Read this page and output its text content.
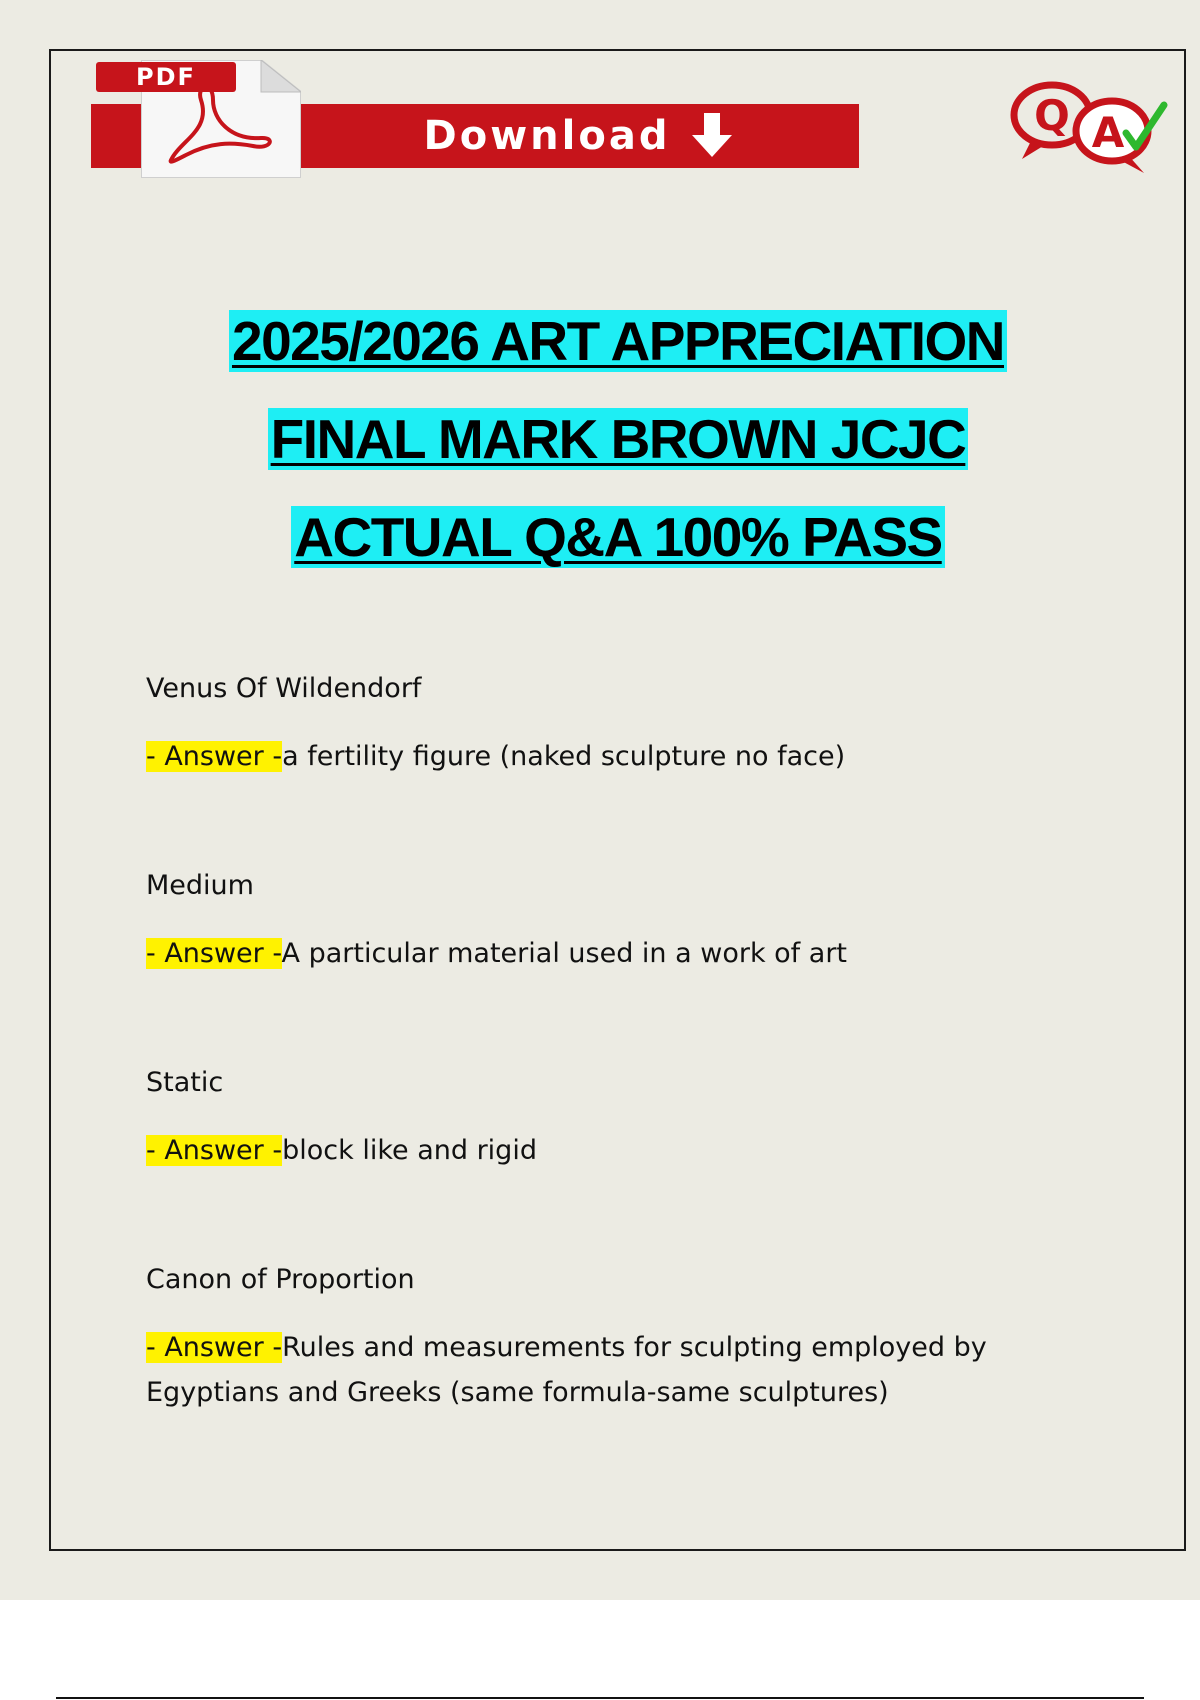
Download
PDF
Q A
2025/2026 ART APPRECIATION
FINAL MARK BROWN JCJC
ACTUAL Q&A 100% PASS

Venus Of Wildendorf

- Answer -a fertility figure (naked sculpture no face)

Medium

- Answer -A particular material used in a work of art

Static

- Answer -block like and rigid

Canon of Proportion

- Answer -Rules and measurements for sculpting employed by Egyptians and Greeks (same formula-same sculptures)
